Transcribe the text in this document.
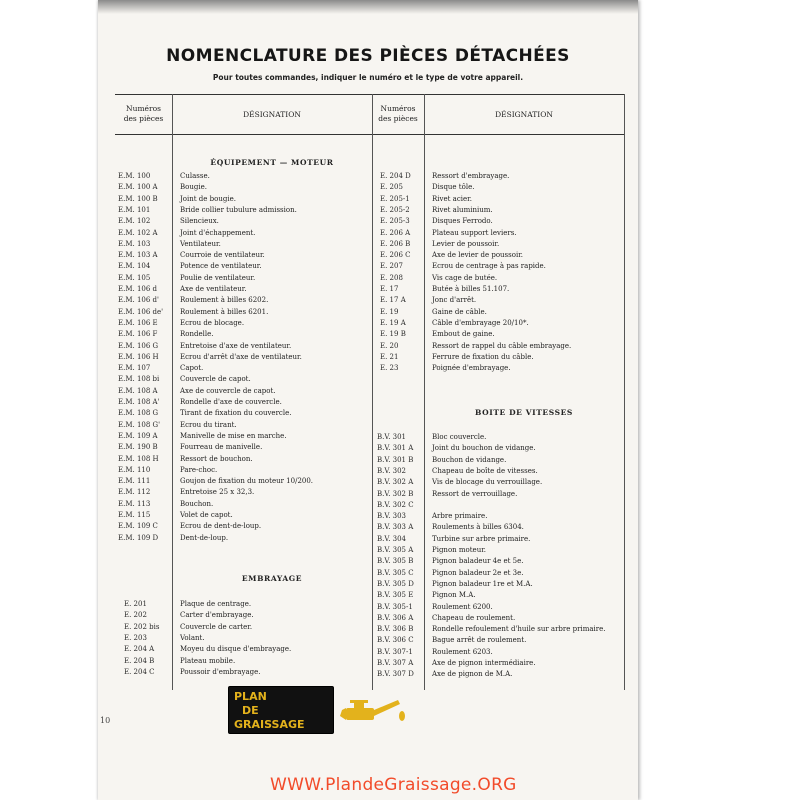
NOMENCLATURE DES PIÈCES DÉTACHÉES
Pour toutes commandes, indiquer le numéro et le type de votre appareil.
Numéros
des pièces	DÉSIGNATION
Numéros
des pièces	DÉSIGNATION
ÉQUIPEMENT — MOTEUR
EMBRAYAGE
BOITE DE VITESSES
E.M. 100	Culasse.
E.M. 100 A	Bougie.
E.M. 100 B	Joint de bougie.
E.M. 101	Bride collier tubulure admission.
E.M. 102	Silencieux.
E.M. 102 A	Joint d'échappement.
E.M. 103	Ventilateur.
E.M. 103 A	Courroie de ventilateur.
E.M. 104	Potence de ventilateur.
E.M. 105	Poulie de ventilateur.
E.M. 106 d	Axe de ventilateur.
E.M. 106 d'	Roulement à billes 6202.
E.M. 106 de' Roulement à billes 6201.
E.M. 106 E	Ecrou de blocage.
E.M. 106 F	Rondelle.
E.M. 106 G	Entretoise d'axe de ventilateur.
E.M. 106 H	Ecrou d'arrêt d'axe de ventilateur.
E.M. 107	Capot.
E.M. 108 bi	Couvercle de capot.
E.M. 108 A	Axe de couvercle de capot.
E.M. 108 A'	Rondelle d'axe de couvercle.
E.M. 108 G	Tirant de fixation du couvercle.
E.M. 108 G'	Ecrou du tirant.
E.M. 109 A	Manivelle de mise en marche.
E.M. 190 B	Fourreau de manivelle.
E.M. 108 H	Ressort de bouchon.
E.M. 110	Pare-choc.
E.M. 111	Goujon de fixation du moteur 10/200.
E.M. 112	Entretoise 25 x 32,3.
E.M. 113	Bouchon.
E.M. 115	Volet de capot.
E.M. 109 C	Ecrou de dent-de-loup.
E.M. 109 D	Dent-de-loup.
E. 201	Plaque de centrage.
E. 202	Carter d'embrayage.
E. 202 bis	Couvercle de carter.
E. 203	Volant.
E. 204 A	Moyeu du disque d'embrayage.
E. 204 B	Plateau mobile.
E. 204 C	Poussoir d'embrayage.
E. 204 D	Ressort d'embrayage.
E. 205	Disque tôle.
E. 205-1	Rivet acier.
E. 205-2	Rivet aluminium.
E. 205-3	Disques Ferrodo.
E. 206 A	Plateau support leviers.
E. 206 B	Levier de poussoir.
E. 206 C	Axe de levier de poussoir.
E. 207	Ecrou de centrage à pas rapide.
E. 208	Vis cage de butée.
E. 17	Butée à billes 51.107.
E. 17 A	Jonc d'arrêt.
E. 19	Gaine de câble.
E. 19 A	Câble d'embrayage 20/10*.
E. 19 B	Embout de gaine.
E. 20	Ressort de rappel du câble embrayage.
E. 21	Ferrure de fixation du câble.
E. 23	Poignée d'embrayage.
B.V. 301	Bloc couvercle.
B.V. 301 A	Joint du bouchon de vidange.
B.V. 301 B	Bouchon de vidange.
B.V. 302	Chapeau de boîte de vitesses.
B.V. 302 A	Vis de blocage du verrouillage.
B.V. 302 B	Ressort de verrouillage.
B.V. 302 C
B.V. 303	Arbre primaire.
B.V. 303 A	Roulements à billes 6304.
B.V. 304	Turbine sur arbre primaire.
B.V. 305 A	Pignon moteur.
B.V. 305 B	Pignon baladeur 4e et 5e.
B.V. 305 C	Pignon baladeur 2e et 3e.
B.V. 305 D	Pignon baladeur 1re et M.A.
B.V. 305 E	Pignon M.A.
B.V. 305-1	Roulement 6200.
B.V. 306 A	Chapeau de roulement.
B.V. 306 B	Rondelle refoulement d'huile sur arbre primaire.
B.V. 306 C	Bague arrêt de roulement.
B.V. 307-1	Roulement 6203.
B.V. 307 A	Axe de pignon intermédiaire.
B.V. 307 D	Axe de pignon de M.A.
10
PLAN
DE
GRAISSAGE
WWW.PlandeGraissage.ORG
